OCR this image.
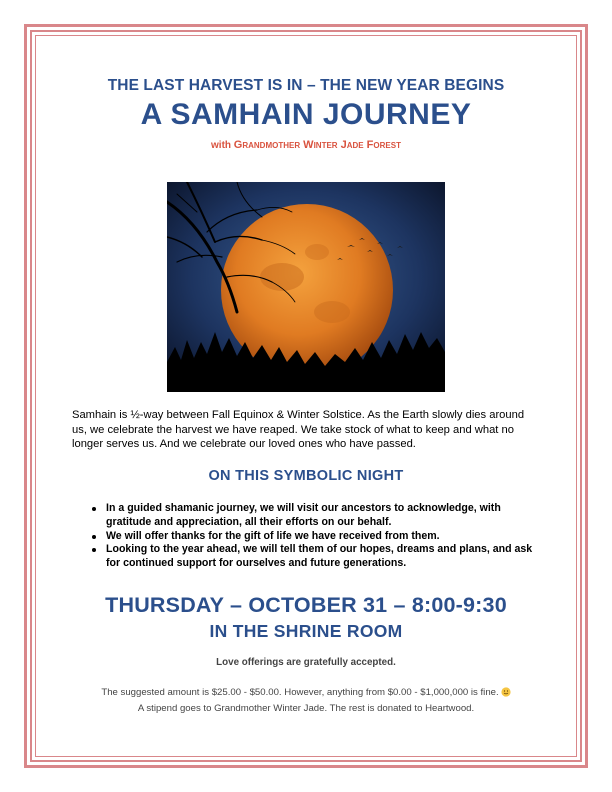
THE LAST HARVEST IS IN – THE NEW YEAR BEGINS
A SAMHAIN JOURNEY
with Grandmother Winter Jade Forest
Samhain is ½-way between Fall Equinox & Winter Solstice. As the Earth slowly dies around us, we celebrate the harvest we have reaped. We take stock of what to keep and what no longer serves us. And we celebrate our loved ones who have passed.
ON THIS SYMBOLIC NIGHT
In a guided shamanic journey, we will visit our ancestors to acknowledge, with gratitude and appreciation, all their efforts on our behalf.
We will offer thanks for the gift of life we have received from them.
Looking to the year ahead, we will tell them of our hopes, dreams and plans, and ask for continued support for ourselves and future generations.
THURSDAY – OCTOBER 31 – 8:00-9:30
IN THE SHRINE ROOM
Love offerings are gratefully accepted.
The suggested amount is $25.00 - $50.00. However, anything from $0.00 - $1,000,000 is fine.
A stipend goes to Grandmother Winter Jade. The rest is donated to Heartwood.
